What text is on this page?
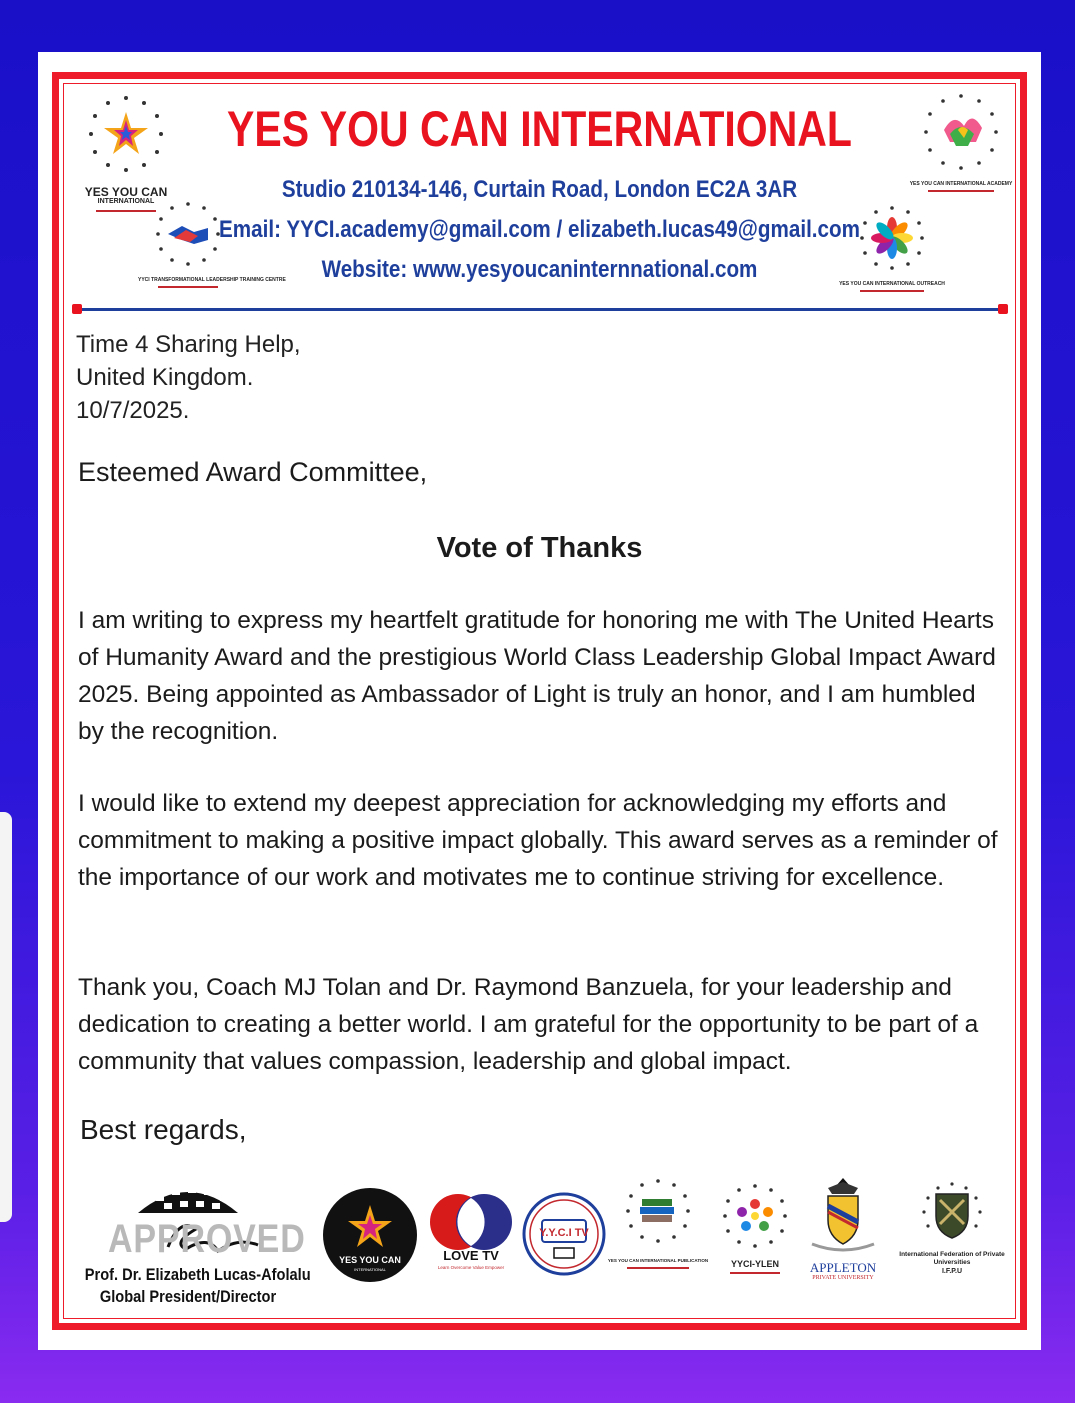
YES YOU CAN
INTERNATIONAL
YYCI TRANSFORMATIONAL LEADERSHIP TRAINING CENTRE
YES YOU CAN INTERNATIONAL ACADEMY
YES YOU CAN INTERNATIONAL OUTREACH
YES YOU CAN INTERNATIONAL
Studio 210134-146, Curtain Road, London EC2A 3AR
Email: YYCI.academy@gmail.com / elizabeth.lucas49@gmail.com
Website: www.yesyoucaninternnational.com
Time 4 Sharing Help,
United Kingdom.
10/7/2025.
Esteemed Award Committee,
Vote of Thanks
I am writing to express my heartfelt gratitude for honoring me with The United Hearts of Humanity Award and the prestigious World Class Leadership Global Impact Award 2025. Being appointed as Ambassador of Light is truly an honor, and I am humbled by the recognition.
I would like to extend my deepest appreciation for acknowledging my efforts and commitment to making a positive impact globally. This award serves as a reminder of the importance of our work and motivates me to continue striving for excellence.
Thank you, Coach MJ Tolan and Dr. Raymond Banzuela, for your leadership and dedication to creating a better world. I am grateful for the opportunity to be part of a community that values compassion, leadership and global impact.
Best regards,
APPROVED
Prof. Dr. Elizabeth Lucas-Afolalu
Global President/Director
YES YOU CAN
INTERNATIONAL
LOVE TV
Learn Overcome Value Empower
Y.Y.C.I TV
YES YOU CAN INTERNATIONAL PUBLICATION	YYCI-YLEN	APPLETON
PRIVATE UNIVERSITY
International Federation of Private Universities
I.F.P.U
